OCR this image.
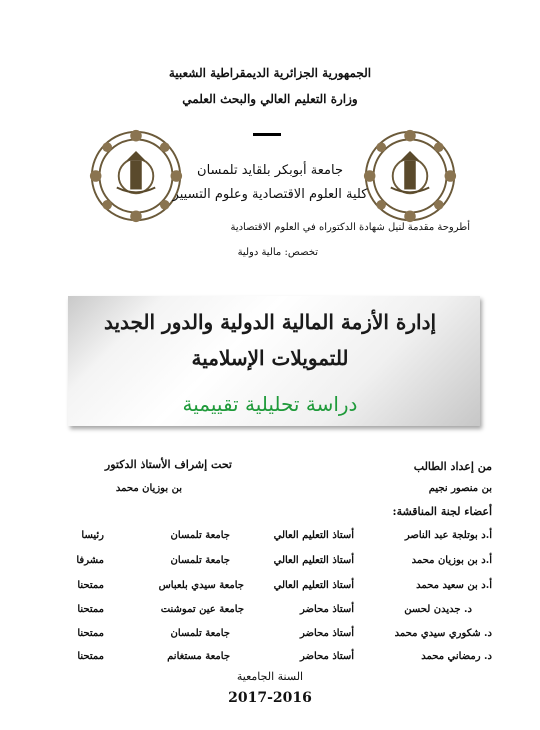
الجمهورية الجزائرية الديمقراطية الشعبية
وزارة التعليم العالي والبحث العلمي
جامعة أبوبكر بلقايد تلمسان
كلية العلوم الاقتصادية وعلوم التسيير
أطروحة مقدمة لنيل شهادة الدكتوراه في العلوم الاقتصادية
تخصص: مالية دولية
إدارة الأزمة المالية الدولية والدور الجديد
للتمويلات الإسلامية
دراسة تحليلية تقييمية
من إعداد الطالب
بن منصور نجيم
تحت إشراف الأستاذ الدكتور
بن بوزيان محمد
أعضاء لجنة المناقشة:
أ.د بوتلجة عبد الناصر
أستاذ التعليم العالي
جامعة تلمسان
رئيسا
أ.د بن بوزيان محمد
أستاذ التعليم العالي
جامعة تلمسان
مشرفا
أ.د بن سعيد محمد
أستاذ التعليم العالي
جامعة سيدي بلعباس
ممتحنا
د. جديدن لحسن
أستاذ محاضر
جامعة عين تموشنت
ممتحنا
د. شكوري سيدي محمد
أستاذ محاضر
جامعة تلمسان
ممتحنا
د. رمضاني محمد
أستاذ محاضر
جامعة مستغانم
ممتحنا
السنة الجامعية
2017-2016
